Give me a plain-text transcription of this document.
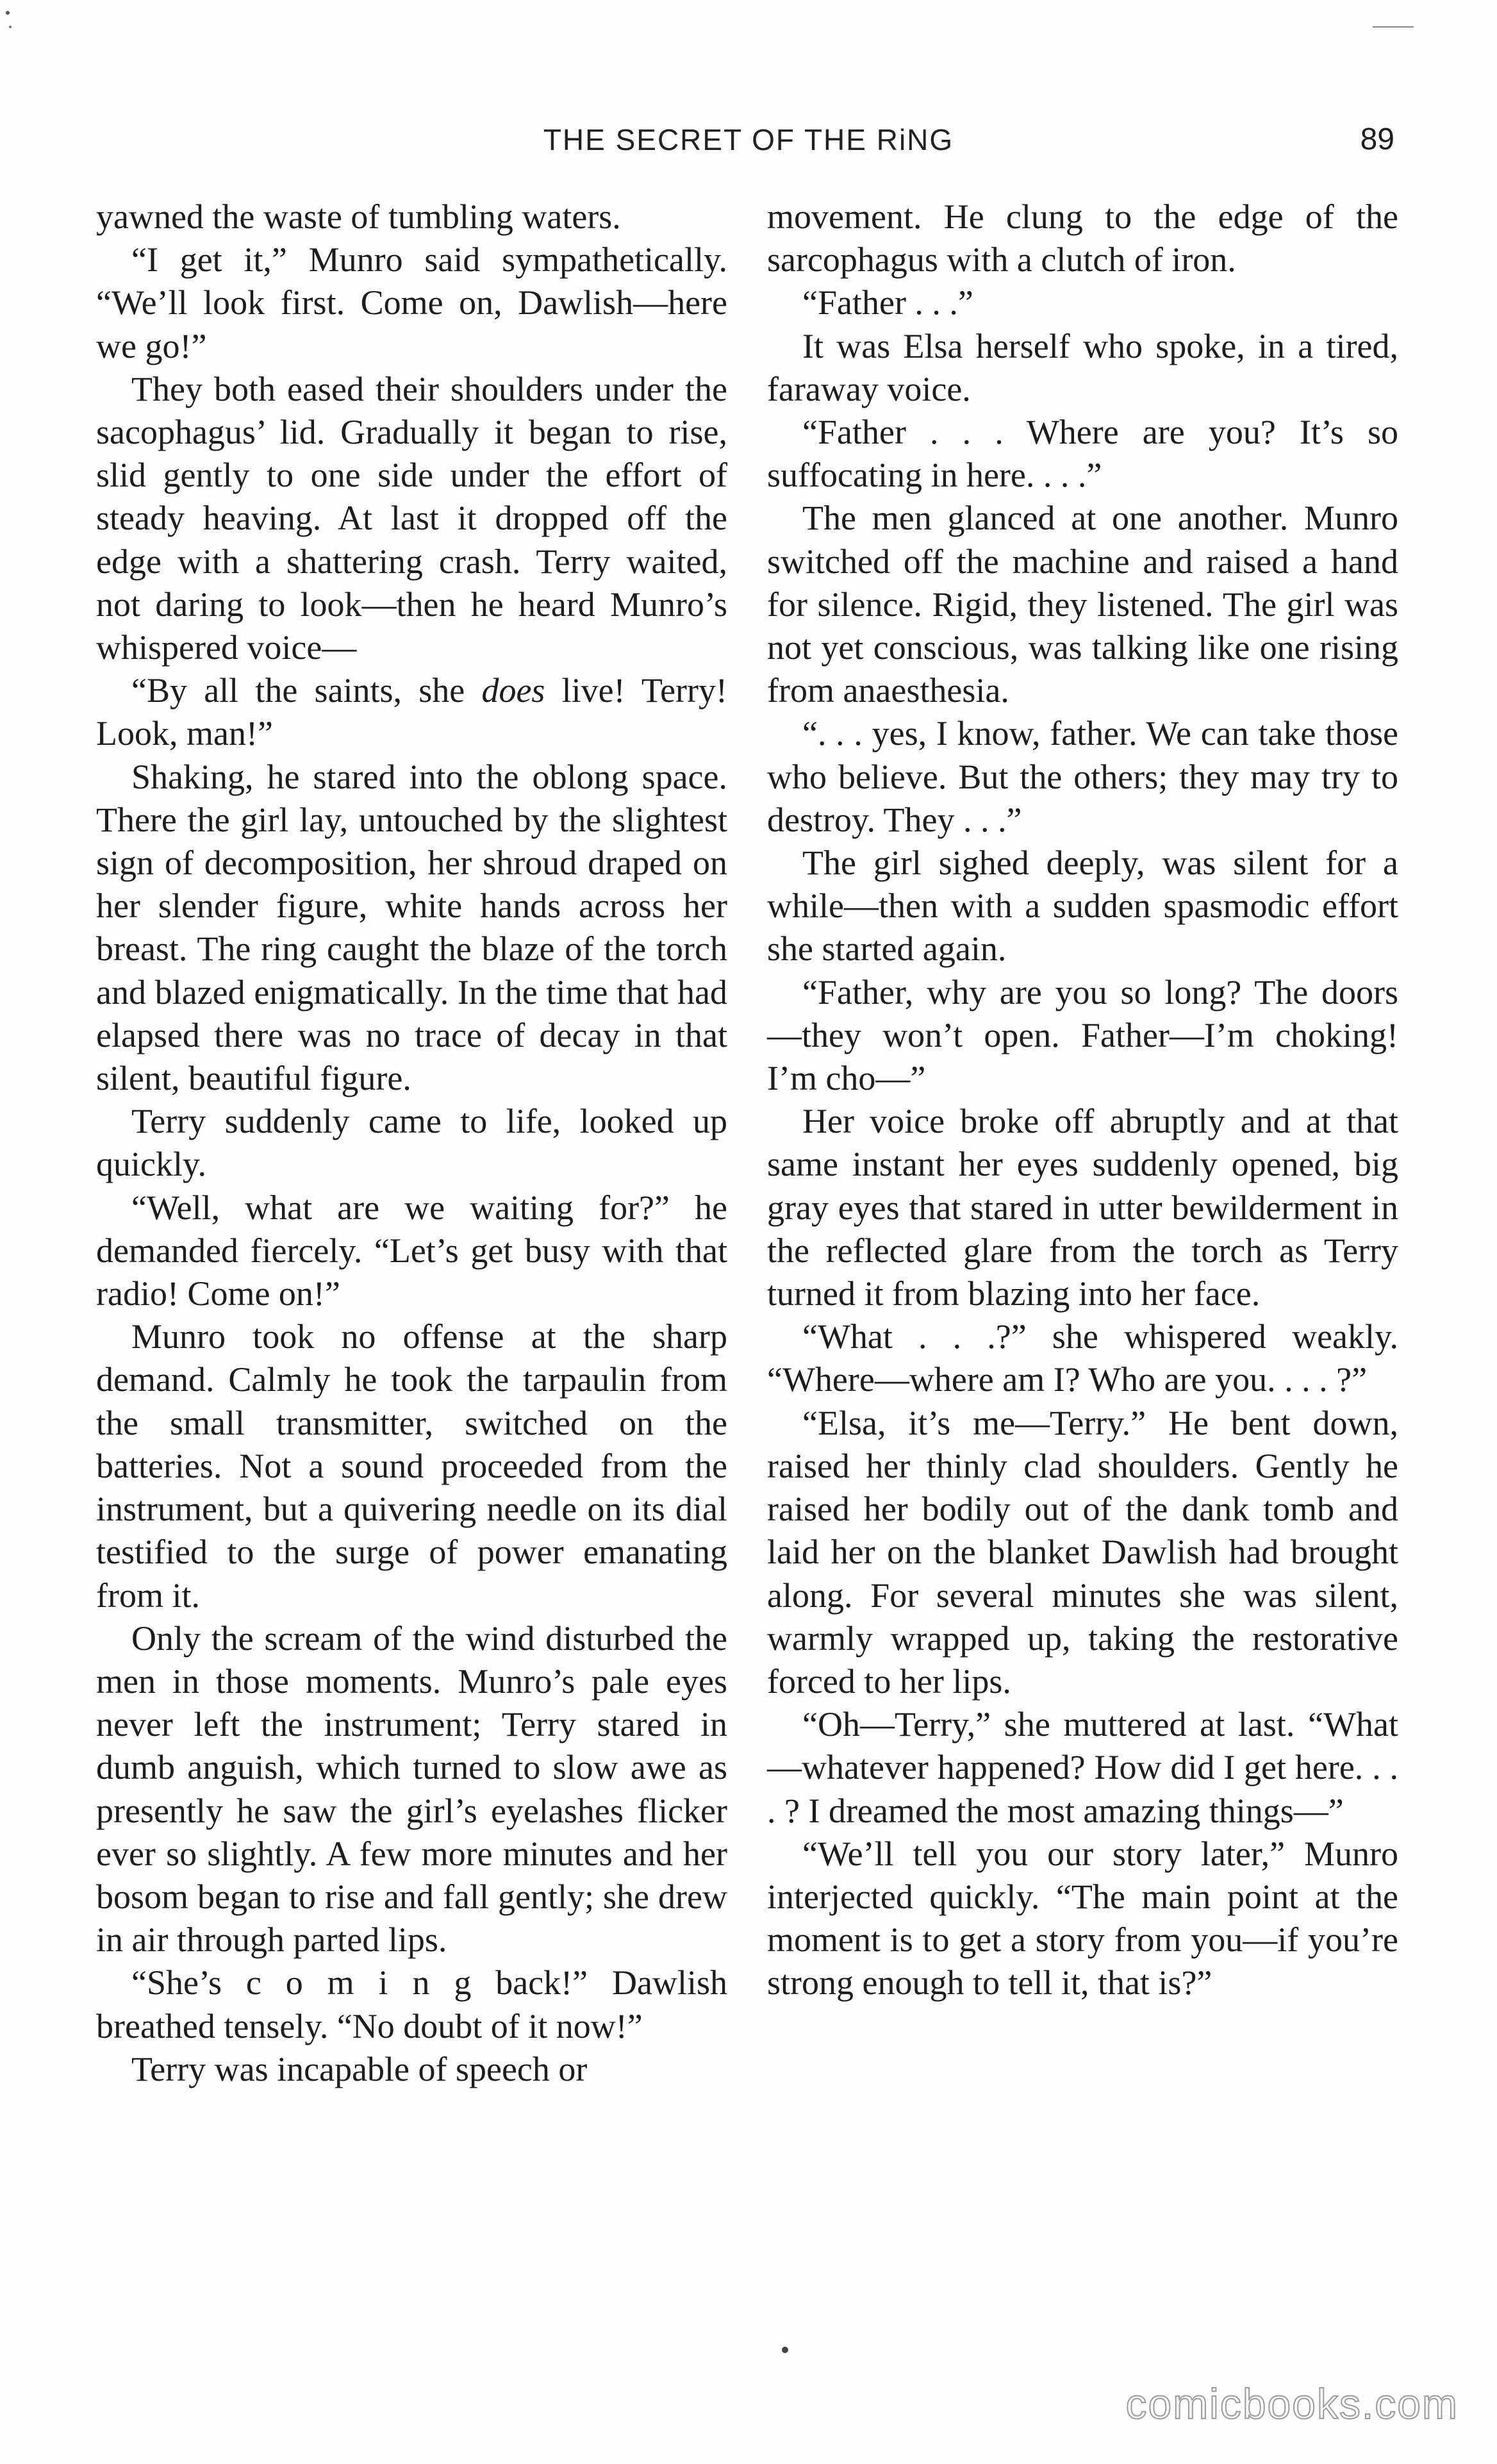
THE SECRET OF THE RiNG	89

yawned the waste of tumbling waters.

“I get it,” Munro said sympathetically. “We’ll look first. Come on, Dawlish—here we go!”

They both eased their shoulders under the sacophagus’ lid. Gradually it began to rise, slid gently to one side under the effort of steady heaving. At last it dropped off the edge with a shattering crash. Terry waited, not daring to look—then he heard Munro’s whispered voice—

“By all the saints, she does live! Terry! Look, man!”

Shaking, he stared into the oblong space. There the girl lay, untouched by the slightest sign of decomposition, her shroud draped on her slender figure, white hands across her breast. The ring caught the blaze of the torch and blazed enigmatically. In the time that had elapsed there was no trace of decay in that silent, beautiful figure.

Terry suddenly came to life, looked up quickly.

“Well, what are we waiting for?” he demanded fiercely. “Let’s get busy with that radio! Come on!”

Munro took no offense at the sharp demand. Calmly he took the tarpaulin from the small transmitter, switched on the batteries. Not a sound proceeded from the instrument, but a quivering needle on its dial testified to the surge of power emanating from it.

Only the scream of the wind disturbed the men in those moments. Munro’s pale eyes never left the instrument; Terry stared in dumb anguish, which turned to slow awe as presently he saw the girl’s eyelashes flicker ever so slightly. A few more minutes and her bosom began to rise and fall gently; she drew in air through parted lips.

“She’s c o m i n g back!” Dawlish breathed tensely. “No doubt of it now!”

Terry was incapable of speech or

movement. He clung to the edge of the sarcophagus with a clutch of iron.

“Father . . .”

It was Elsa herself who spoke, in a tired, faraway voice.

“Father . . . Where are you? It’s so suffocating in here. . . .”

The men glanced at one another. Munro switched off the machine and raised a hand for silence. Rigid, they listened. The girl was not yet conscious, was talking like one rising from anaesthesia.

“. . . yes, I know, father. We can take those who believe. But the others; they may try to destroy. They . . .”

The girl sighed deeply, was silent for a while—then with a sudden spasmodic effort she started again.

“Father, why are you so long? The doors—they won’t open. Father—I’m choking! I’m cho—”

Her voice broke off abruptly and at that same instant her eyes suddenly opened, big gray eyes that stared in utter bewilderment in the reflected glare from the torch as Terry turned it from blazing into her face.

“What . . .?” she whispered weakly. “Where—where am I? Who are you. . . . ?”

“Elsa, it’s me—Terry.” He bent down, raised her thinly clad shoulders. Gently he raised her bodily out of the dank tomb and laid her on the blanket Dawlish had brought along. For several minutes she was silent, warmly wrapped up, taking the restorative forced to her lips.

“Oh—Terry,” she muttered at last. “What—whatever happened? How did I get here. . . . ? I dreamed the most amazing things—”

“We’ll tell you our story later,” Munro interjected quickly. “The main point at the moment is to get a story from you—if you’re strong enough to tell it, that is?”

comicbooks.com
